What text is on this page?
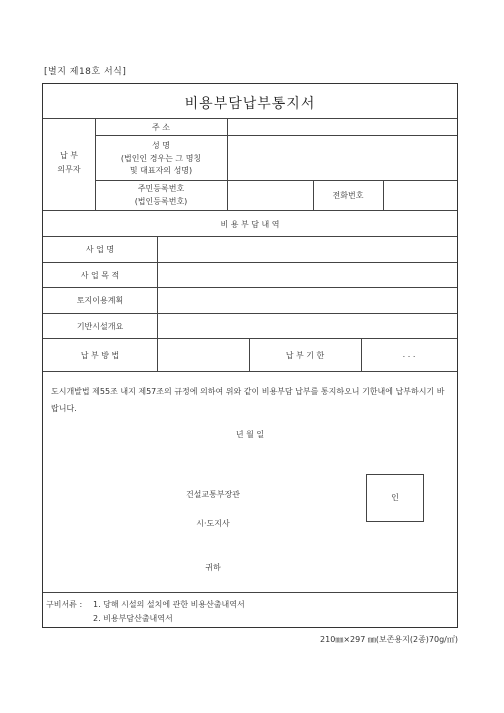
[별지 제18호 서식]
비용부담납부통지서
납 부
의무자
주 소
성 명
(법인인 경우는 그 명칭
및 대표자의 성명)
주민등록번호
(법인등록번호)
전화번호
비 용 부 담 내 역
사 업 명
사 업 목 적
토지이용계획
기반시설개요
납 부 방 법	납 부 기 한	. . .
도시개발법 제55조 내지 제57조의 규정에 의하여 위와 같이 비용부담 납부를 통지하오니 기한내에 납부하시기 바랍니다.
년 월 일
건설교통부장관
시·도지사
귀하
구비서류 : 1. 당해 시설의 설치에 관한 비용산출내역서
2. 비용부담산출내역서
인
210㎜×297 ㎜(보존용지(2종)70g/㎡)
